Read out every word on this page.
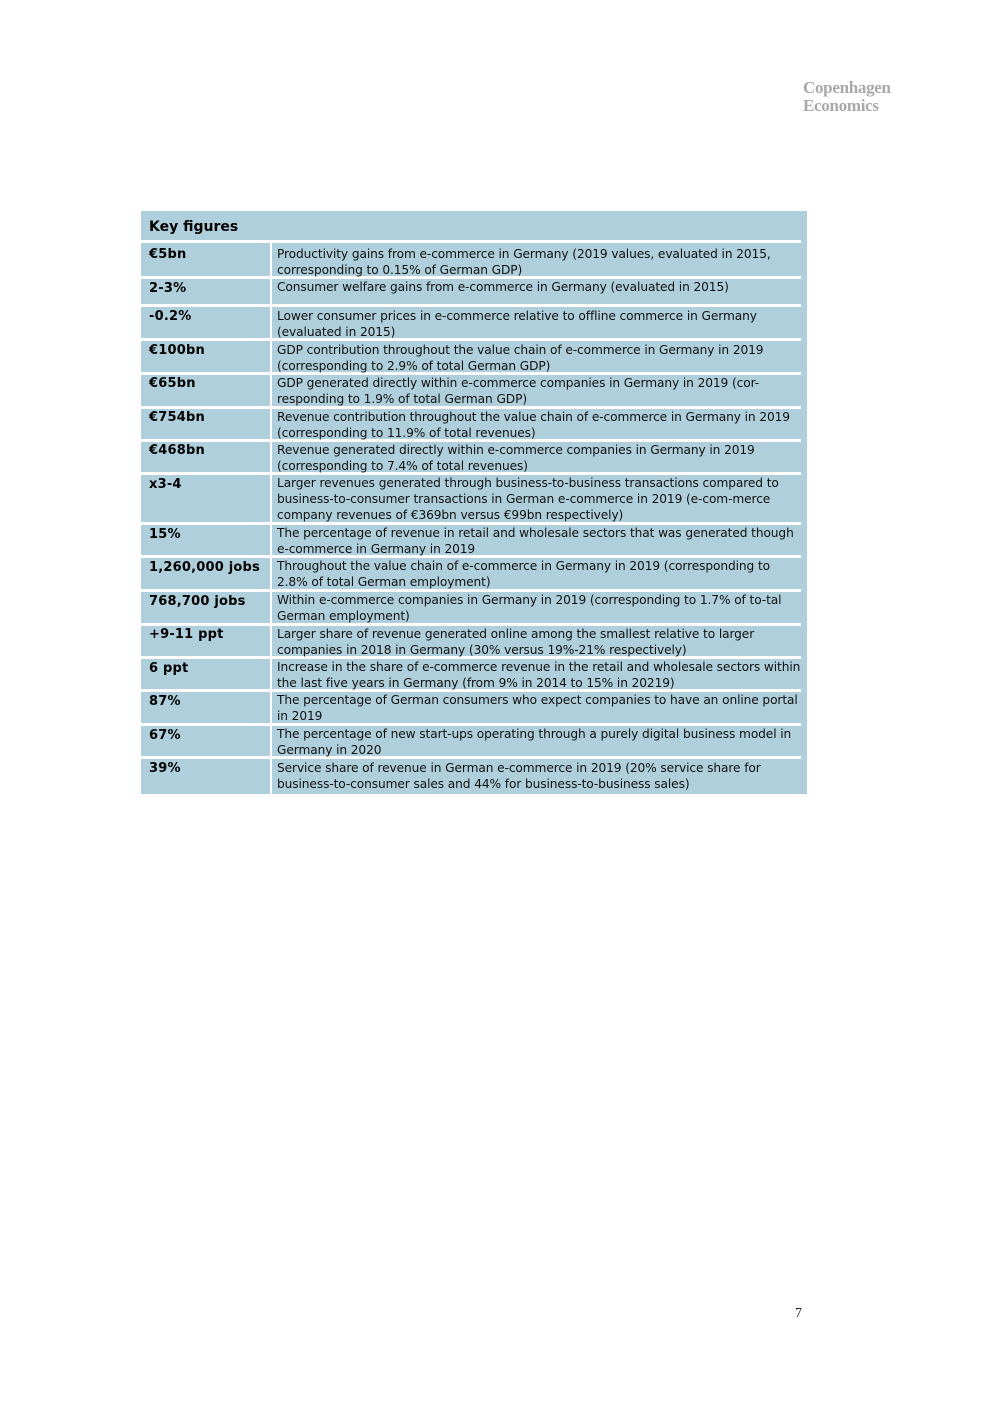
Copenhagen
Economics
Key figures
€5bn	Productivity gains from e-commerce in Germany (2019 values, evaluated in 2015, corresponding to 0.15% of German GDP)
2-3%	Consumer welfare gains from e-commerce in Germany (evaluated in 2015)
-0.2%	Lower consumer prices in e-commerce relative to offline commerce in Germany (evaluated in 2015)
€100bn	GDP contribution throughout the value chain of e-commerce in Germany in 2019 (corresponding to 2.9% of total German GDP)
€65bn	GDP generated directly within e-commerce companies in Germany in 2019 (cor-responding to 1.9% of total German GDP)
€754bn	Revenue contribution throughout the value chain of e-commerce in Germany in 2019 (corresponding to 11.9% of total revenues)
€468bn	Revenue generated directly within e-commerce companies in Germany in 2019 (corresponding to 7.4% of total revenues)
x3-4	Larger revenues generated through business-to-business transactions compared to business-to-consumer transactions in German e-commerce in 2019 (e-com-merce company revenues of €369bn versus €99bn respectively)
15%	The percentage of revenue in retail and wholesale sectors that was generated though e-commerce in Germany in 2019
1,260,000 jobs Throughout the value chain of e-commerce in Germany in 2019 (corresponding to 2.8% of total German employment)
768,700 jobs	Within e-commerce companies in Germany in 2019 (corresponding to 1.7% of to-tal German employment)
+9-11 ppt	Larger share of revenue generated online among the smallest relative to larger companies in 2018 in Germany (30% versus 19%-21% respectively)
6 ppt	Increase in the share of e-commerce revenue in the retail and wholesale sectors within the last five years in Germany (from 9% in 2014 to 15% in 20219)
87%	The percentage of German consumers who expect companies to have an online portal in 2019
67%	The percentage of new start-ups operating through a purely digital business model in Germany in 2020
39%	Service share of revenue in German e-commerce in 2019 (20% service share for business-to-consumer sales and 44% for business-to-business sales)
7
